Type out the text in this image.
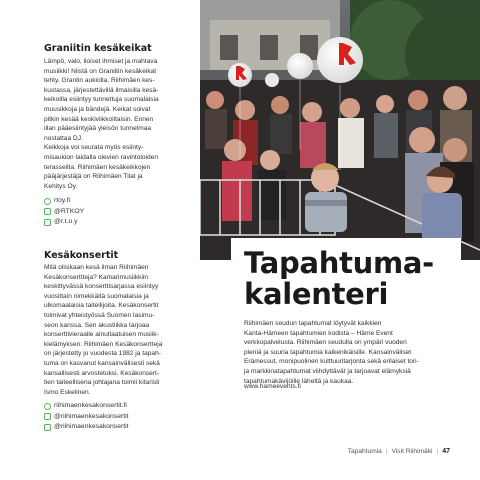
Graniitin kesäkeikat

Lämpö, valo, iloiset ihmiset ja mahtava
musiikki! Niistä on Graniitin kesäkeikat
tehty. Grantin aukiolla, Riihimäen kes-
kustassa, järjestettävillä ilmaisilla kesä-
keikoilla esiintyy tunnettuja suomalaisia
muusikkoja ja bändejä. Keikat soivat
pitkin kesää keskiviikkoiltaisin. Ennen
illan pääesiintyjää yleisön tunnelmaa
nostattaa DJ.
Keikkoja voi seurata myös esiinty-
misaukion laidalla olevien ravintoloiden
terasseilta. Riihimäen kesäkeikkojen
pääjärjestäjä on Riihimäen Tilat ja
Kehitys Oy.

rtoy.fi
@RTKOY
@r.t.o.y
Kesäkonsertit

Mitä olisikaan kesä ilman Riihimäen
Kesäkonserttteja? Kamarimusiikkiin
keskittyvässä konserttisarjassa esiintyy
vuosittain nimekkäitä suomalaisia ja
ulkomaalaisia taiteilijoita. Kesäkonsertit
toimivat yhteistyössä Suomen lasimu-
seon kanssa. Sen akustiikka tarjoaa
konserttivieraalle ainutlaatuisen musiik-
kielämyksen. Riihimäen Kesäkonsertteja
on järjestetty jo vuodesta 1982 ja tapah-
tuma on kasvanut kansainvälisesti sekä
kansallisesti arvostetuksi. Kesäkonsert-
tien taiteellisena johtajana toimii kitaristi
Ismo Eskelinen.

riihimaenkesakonsertit.fi
@riihimaenkesakonsertit
@riihimaenkesakonsertit
Tapahtuma-
kalenteri

Riihimäen seudun tapahtumat löytyvät kaikkien
Kanta-Hämeen tapahtumien kodista – Häme Event
verkkopalvelusta. Riihimäen seudulla on ympäri vuoden
pieniä ja suuria tapahtumia kaikenikäisille. Kansainväliset
Erämessut, monipuolinen kulttuuritarjonta sekä erilaiset tori-
ja markkinatapahtumat viihdyttävät ja tarjoavat elämyksiä
tapahtumakävijöille läheltä ja kaukaa.

www.hameevents.fi
Tapahtumia | Visit Riihimäki | 47
